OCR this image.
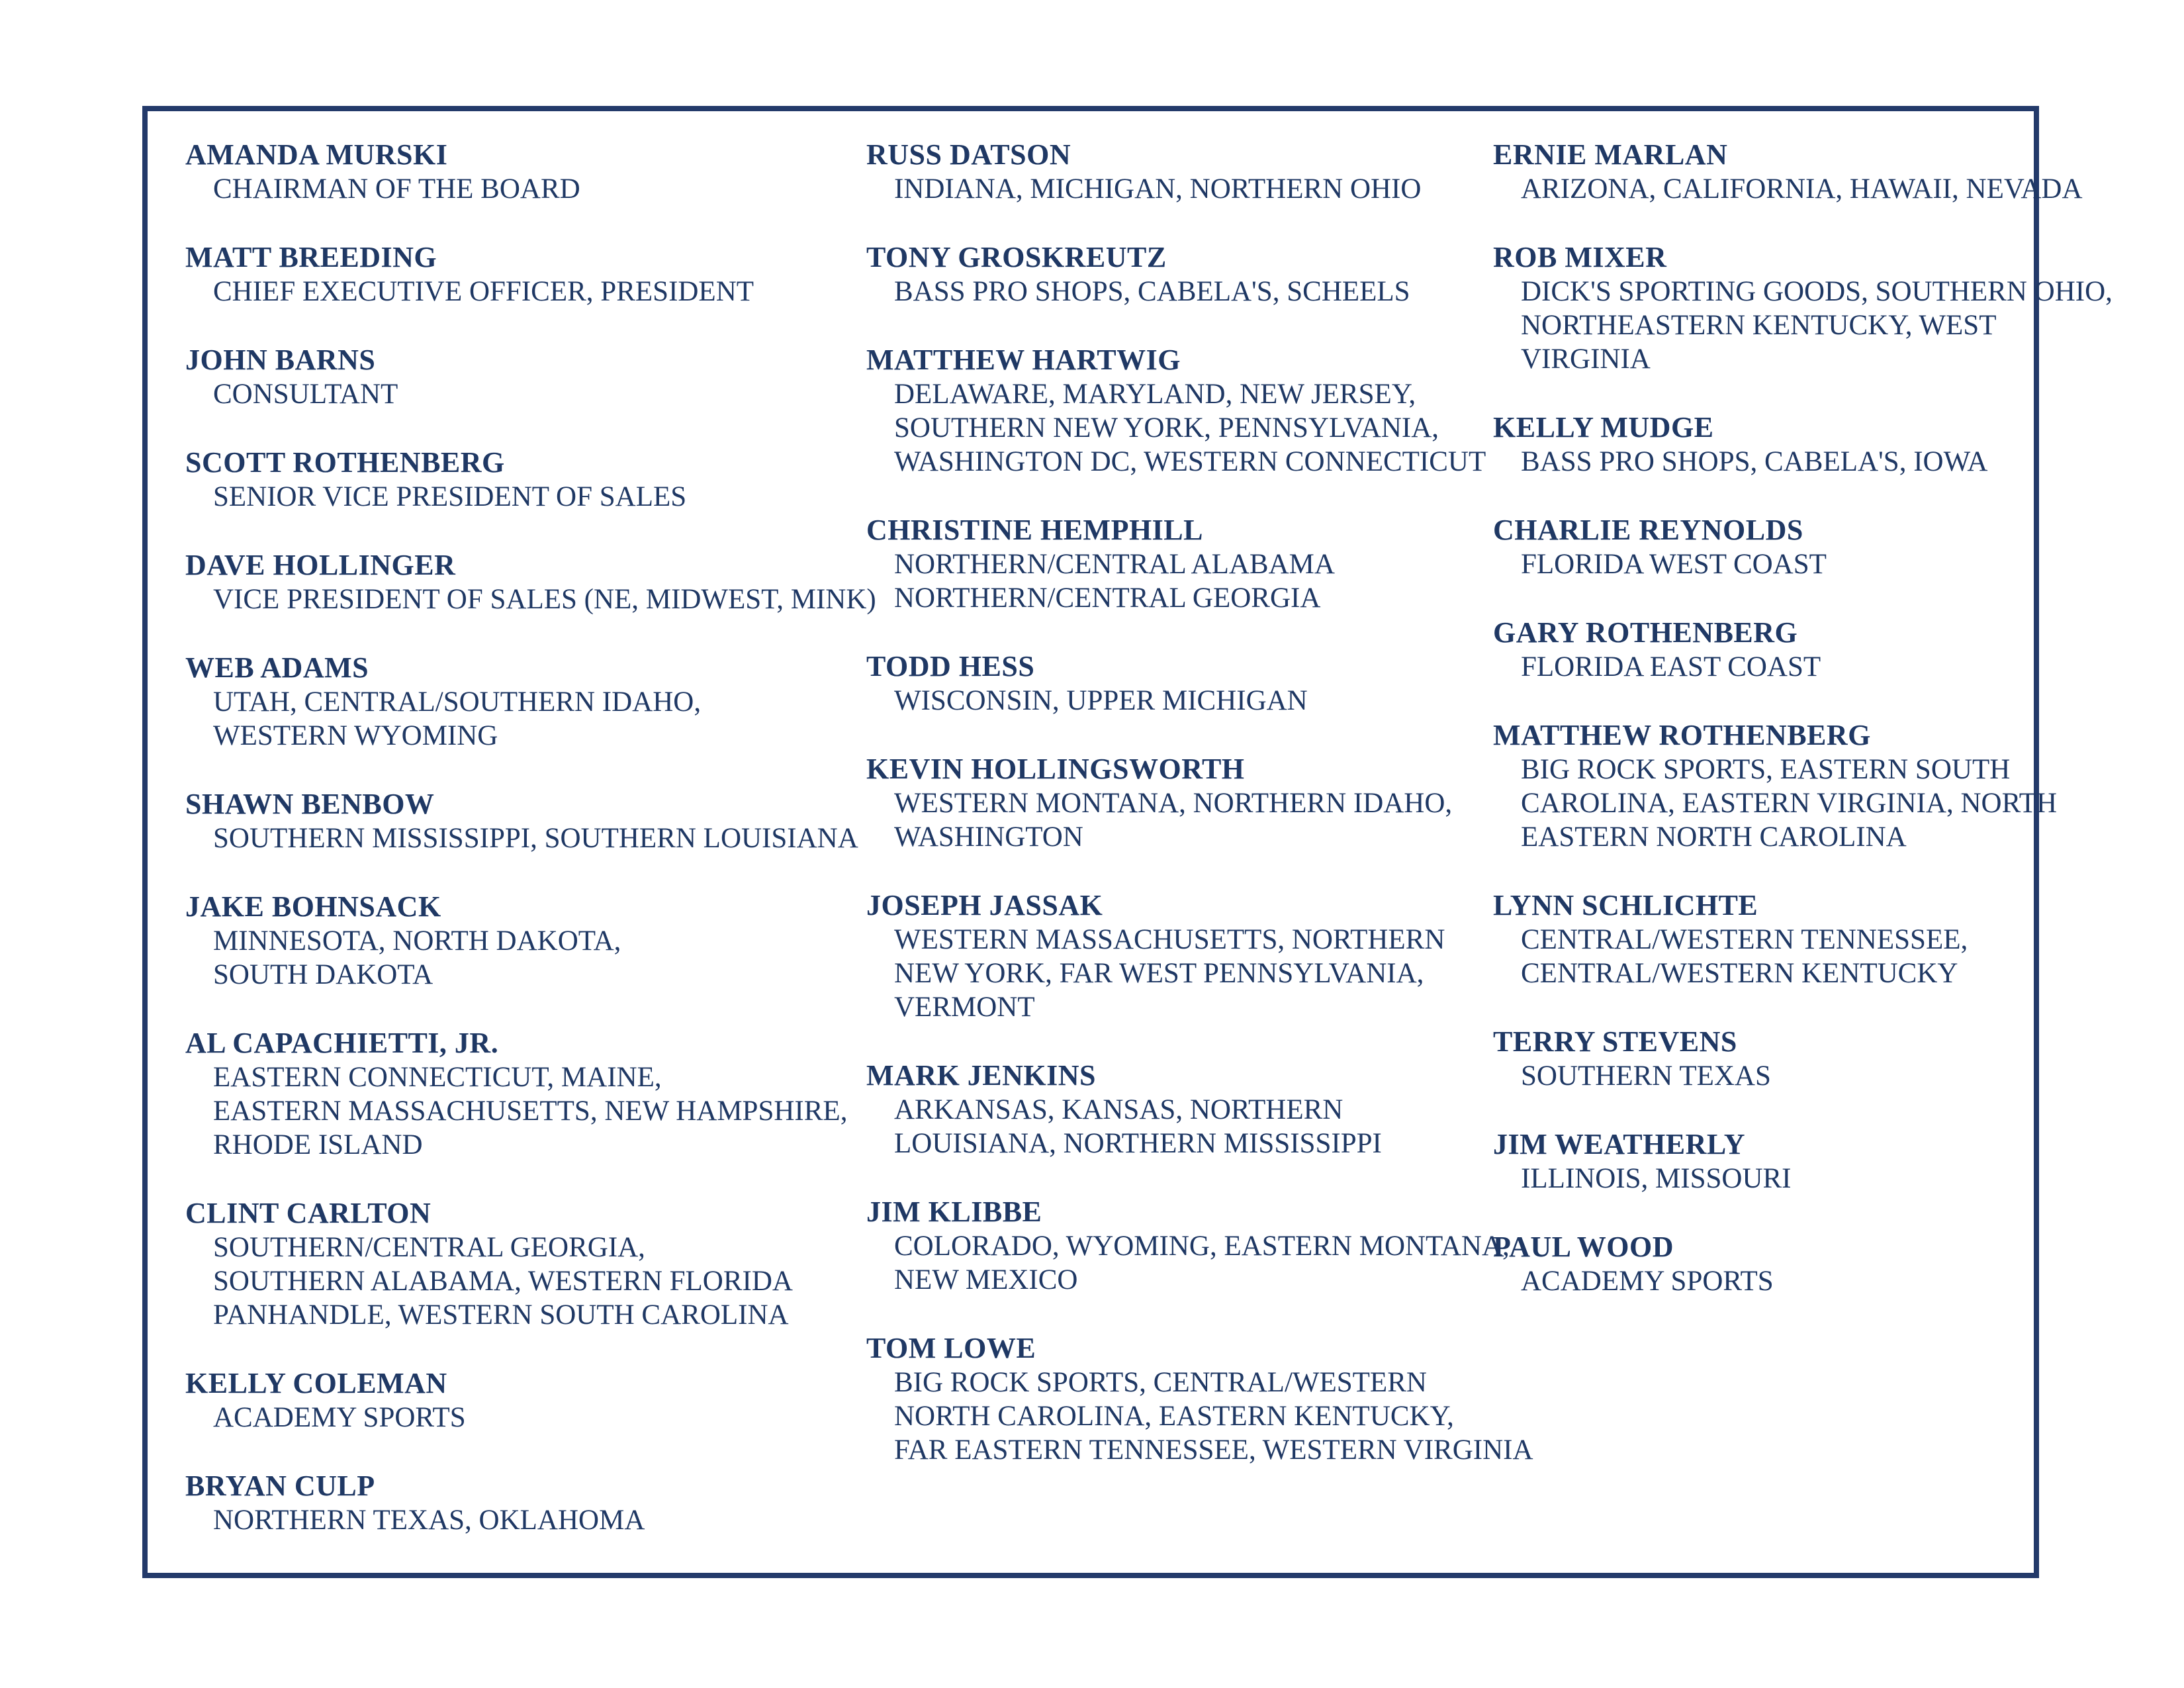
AMANDA MURSKI
CHAIRMAN OF THE BOARD
MATT BREEDING
CHIEF EXECUTIVE OFFICER, PRESIDENT
JOHN BARNS
CONSULTANT
SCOTT ROTHENBERG
SENIOR VICE PRESIDENT OF SALES
DAVE HOLLINGER
VICE PRESIDENT OF SALES (NE, MIDWEST, MINK)
WEB ADAMS
UTAH, CENTRAL/SOUTHERN IDAHO,
WESTERN WYOMING
SHAWN BENBOW
SOUTHERN MISSISSIPPI, SOUTHERN LOUISIANA
JAKE BOHNSACK
MINNESOTA, NORTH DAKOTA,
SOUTH DAKOTA
AL CAPACHIETTI, JR.
EASTERN CONNECTICUT, MAINE,
EASTERN MASSACHUSETTS, NEW HAMPSHIRE,
RHODE ISLAND
CLINT CARLTON
SOUTHERN/CENTRAL GEORGIA,
SOUTHERN ALABAMA, WESTERN FLORIDA
PANHANDLE, WESTERN SOUTH CAROLINA
KELLY COLEMAN
ACADEMY SPORTS
BRYAN CULP
NORTHERN TEXAS, OKLAHOMA
RUSS DATSON
INDIANA, MICHIGAN, NORTHERN OHIO
TONY GROSKREUTZ
BASS PRO SHOPS, CABELA'S, SCHEELS
MATTHEW HARTWIG
DELAWARE, MARYLAND, NEW JERSEY,
SOUTHERN NEW YORK, PENNSYLVANIA,
WASHINGTON DC, WESTERN CONNECTICUT
CHRISTINE HEMPHILL
NORTHERN/CENTRAL ALABAMA
NORTHERN/CENTRAL GEORGIA
TODD HESS
WISCONSIN, UPPER MICHIGAN
KEVIN HOLLINGSWORTH
WESTERN MONTANA, NORTHERN IDAHO,
WASHINGTON
JOSEPH JASSAK
WESTERN MASSACHUSETTS, NORTHERN
NEW YORK, FAR WEST PENNSYLVANIA,
VERMONT
MARK JENKINS
ARKANSAS, KANSAS, NORTHERN
LOUISIANA, NORTHERN MISSISSIPPI
JIM KLIBBE
COLORADO, WYOMING, EASTERN MONTANA,
NEW MEXICO
TOM LOWE
BIG ROCK SPORTS, CENTRAL/WESTERN
NORTH CAROLINA, EASTERN KENTUCKY,
FAR EASTERN TENNESSEE, WESTERN VIRGINIA
ERNIE MARLAN
ARIZONA, CALIFORNIA, HAWAII, NEVADA
ROB MIXER
DICK'S SPORTING GOODS, SOUTHERN OHIO,
NORTHEASTERN KENTUCKY, WEST
VIRGINIA
KELLY MUDGE
BASS PRO SHOPS, CABELA'S, IOWA
CHARLIE REYNOLDS
FLORIDA WEST COAST
GARY ROTHENBERG
FLORIDA EAST COAST
MATTHEW ROTHENBERG
BIG ROCK SPORTS, EASTERN SOUTH
CAROLINA, EASTERN VIRGINIA, NORTH
EASTERN NORTH CAROLINA
LYNN SCHLICHTE
CENTRAL/WESTERN TENNESSEE,
CENTRAL/WESTERN KENTUCKY
TERRY STEVENS
SOUTHERN TEXAS
JIM WEATHERLY
ILLINOIS, MISSOURI
PAUL WOOD
ACADEMY SPORTS
